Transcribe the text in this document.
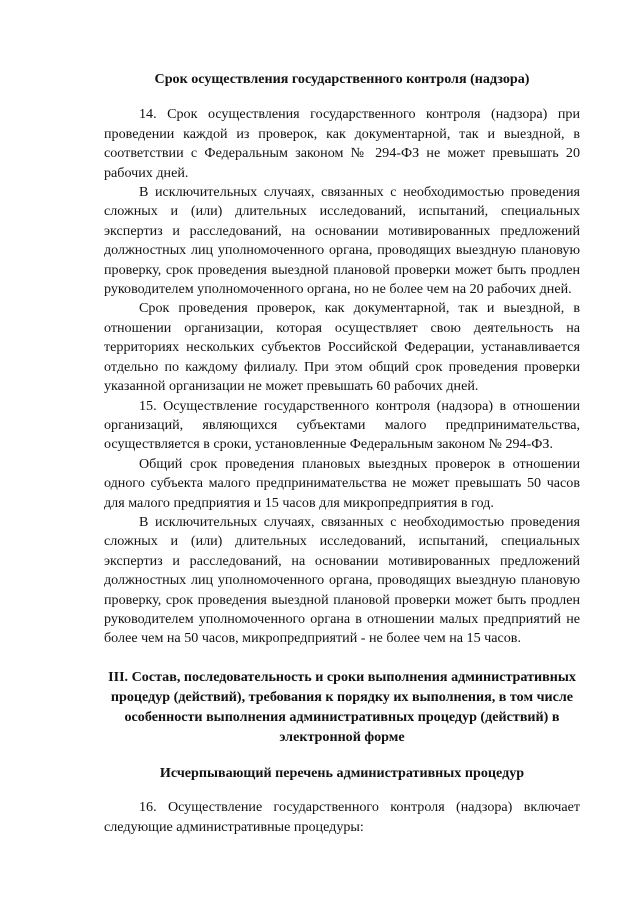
Срок осуществления государственного контроля (надзора)

14. Срок осуществления государственного контроля (надзора) при проведении каждой из проверок, как документарной, так и выездной, в соответствии с Федеральным законом № 294-ФЗ не может превышать 20 рабочих дней.

В исключительных случаях, связанных с необходимостью проведения сложных и (или) длительных исследований, испытаний, специальных экспертиз и расследований, на основании мотивированных предложений должностных лиц уполномоченного органа, проводящих выездную плановую проверку, срок проведения выездной плановой проверки может быть продлен руководителем уполномоченного органа, но не более чем на 20 рабочих дней.

Срок проведения проверок, как документарной, так и выездной, в отношении организации, которая осуществляет свою деятельность на территориях нескольких субъектов Российской Федерации, устанавливается отдельно по каждому филиалу. При этом общий срок проведения проверки указанной организации не может превышать 60 рабочих дней.

15. Осуществление государственного контроля (надзора) в отношении организаций, являющихся субъектами малого предпринимательства, осуществляется в сроки, установленные Федеральным законом № 294-ФЗ.

Общий срок проведения плановых выездных проверок в отношении одного субъекта малого предпринимательства не может превышать 50 часов для малого предприятия и 15 часов для микропредприятия в год.

В исключительных случаях, связанных с необходимостью проведения сложных и (или) длительных исследований, испытаний, специальных экспертиз и расследований, на основании мотивированных предложений должностных лиц уполномоченного органа, проводящих выездную плановую проверку, срок проведения выездной плановой проверки может быть продлен руководителем уполномоченного органа в отношении малых предприятий не более чем на 50 часов, микропредприятий - не более чем на 15 часов.

III. Состав, последовательность и сроки выполнения административных процедур (действий), требования к порядку их выполнения, в том числе особенности выполнения административных процедур (действий) в электронной форме

Исчерпывающий перечень административных процедур

16. Осуществление государственного контроля (надзора) включает следующие административные процедуры:
